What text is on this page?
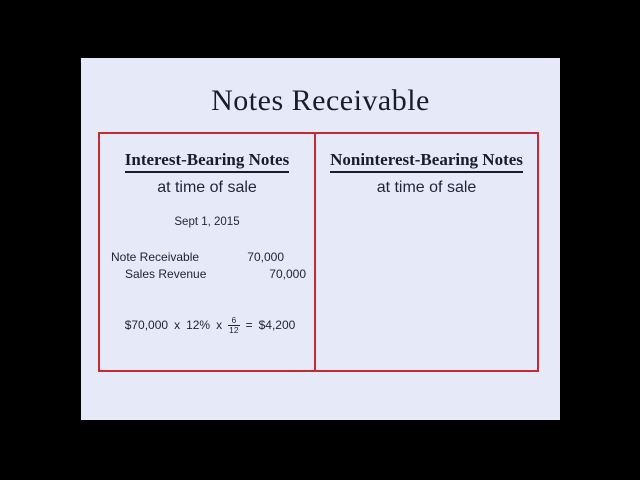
Notes Receivable
Interest-Bearing Notes
at time of sale
Sept 1, 2015
Note Receivable	70,000
Sales Revenue	70,000
$70,000 x 12% x $\frac{6}{12}$ = $4,200
Noninterest-Bearing Notes
at time of sale
